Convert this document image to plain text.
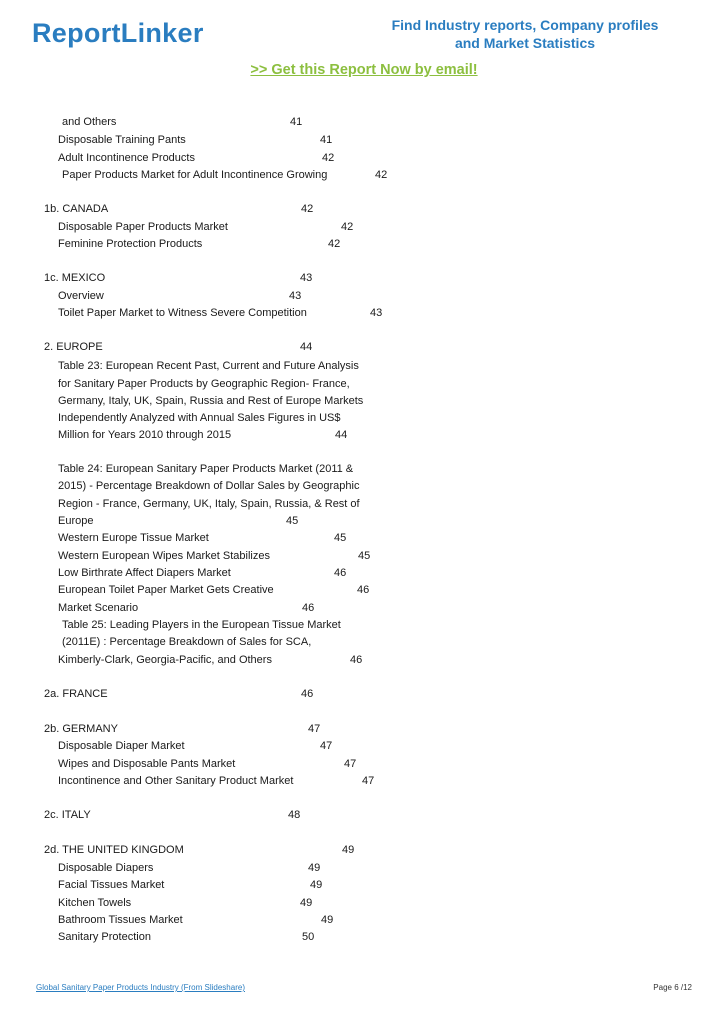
ReportLinker	Find Industry reports, Company profiles
and Market Statistics
>> Get this Report Now by email!
and Others	41
Disposable Training Pants	41
Adult Incontinence Products	42
Paper Products Market for Adult Incontinence Growing	42
1b. CANADA	42
Disposable Paper Products Market	42
Feminine Protection Products	42
1c. MEXICO	43
Overview	43
Toilet Paper Market to Witness Severe Competition	43
2. EUROPE	44
Table 23: European Recent Past, Current and Future Analysis
for Sanitary Paper Products by Geographic Region- France,
Germany, Italy, UK, Spain, Russia and Rest of Europe Markets
Independently Analyzed with Annual Sales Figures in US$
Million for Years 2010 through 2015	44
Table 24: European Sanitary Paper Products Market (2011 &
2015) - Percentage Breakdown of Dollar Sales by Geographic
Region - France, Germany, UK, Italy, Spain, Russia, & Rest of
Europe	45
Western Europe Tissue Market	45
Western European Wipes Market Stabilizes	45
Low Birthrate Affect Diapers Market	46
European Toilet Paper Market Gets Creative	46
Market Scenario	46
Table 25: Leading Players in the European Tissue Market
(2011E) : Percentage Breakdown of Sales for SCA,
Kimberly-Clark, Georgia-Pacific, and Others	46
2a. FRANCE	46
2b. GERMANY	47
Disposable Diaper Market	47
Wipes and Disposable Pants Market	47
Incontinence and Other Sanitary Product Market	47
2c. ITALY	48
2d. THE UNITED KINGDOM	49
Disposable Diapers	49
Facial Tissues Market	49
Kitchen Towels	49
Bathroom Tissues Market	49
Sanitary Protection	50
Global Sanitary Paper Products Industry (From Slideshare)	Page 6 /12
